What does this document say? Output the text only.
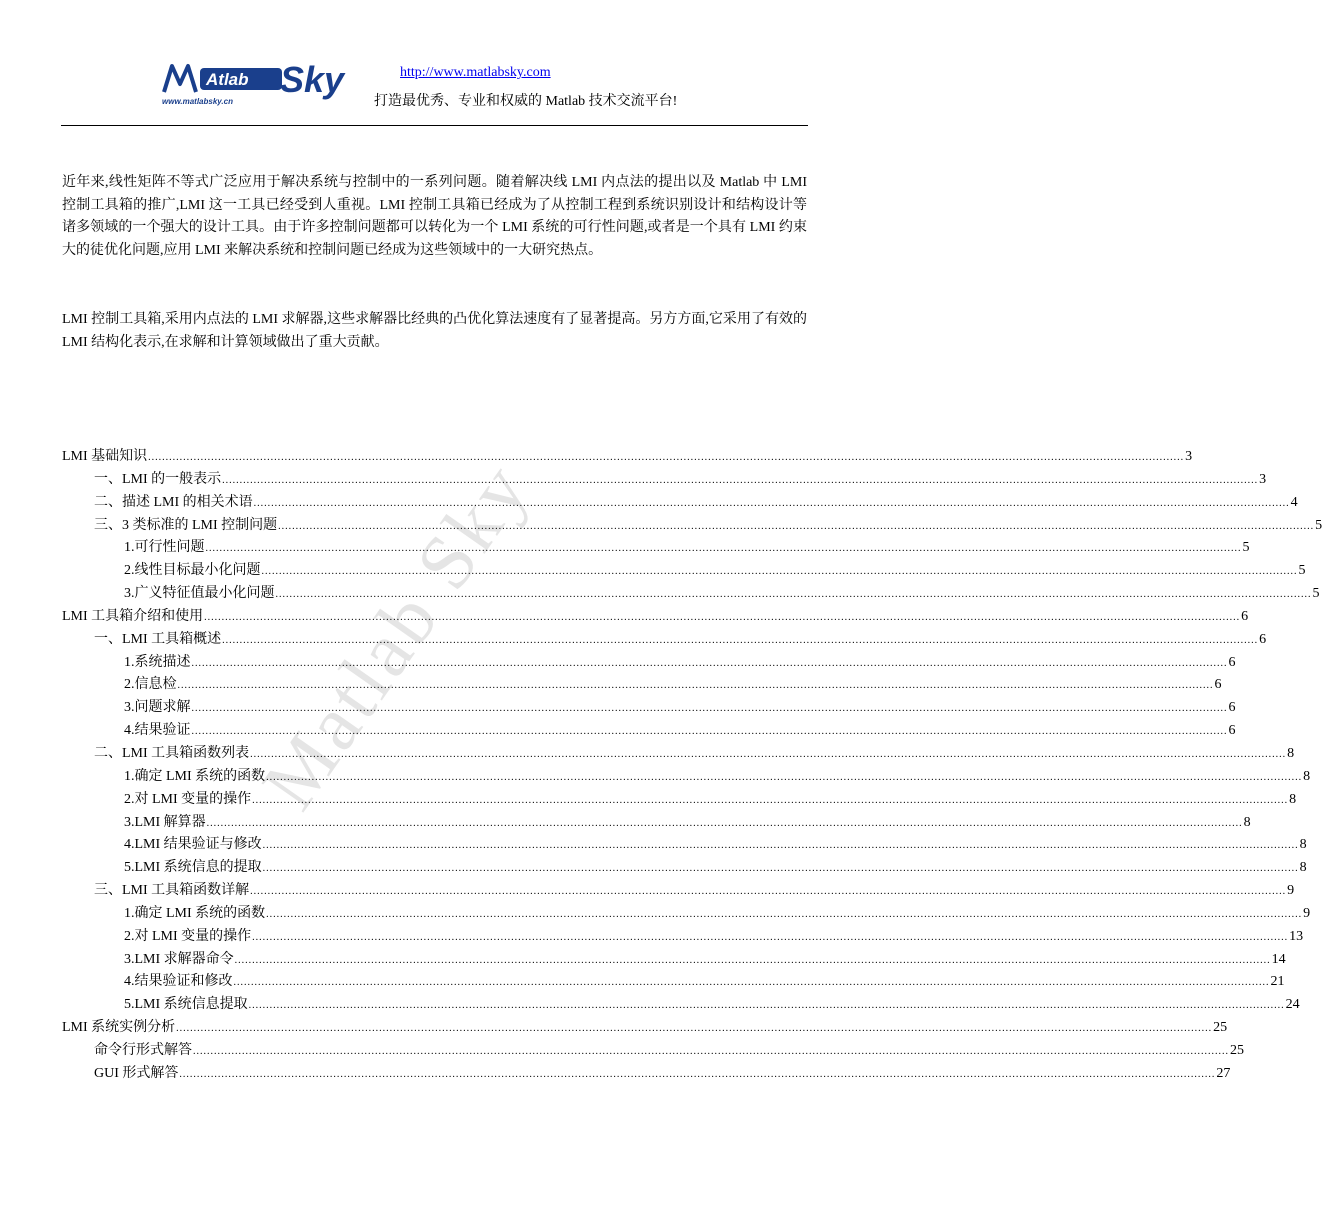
Atlab Sky
www.matlabsky.cn
http://www.matlabsky.com
打造最优秀、专业和权威的 Matlab 技术交流平台!

近年来,线性矩阵不等式广泛应用于解决系统与控制中的一系列问题。随着解决线 LMI 内点法的提出以及 Matlab 中 LMI 控制工具箱的推广,LMI 这一工具已经受到人重视。LMI 控制工具箱已经成为了从控制工程到系统识别设计和结构设计等诸多领域的一个强大的设计工具。由于许多控制问题都可以转化为一个 LMI 系统的可行性问题,或者是一个具有 LMI 约束大的徒优化问题,应用 LMI 来解决系统和控制问题已经成为这些领域中的一大研究热点。

LMI 控制工具箱,采用内点法的 LMI 求解器,这些求解器比经典的凸优化算法速度有了显著提高。另方方面,它采用了有效的 LMI 结构化表示,在求解和计算领域做出了重大贡献。

Matlab Sky
LMI 基础知识 .....	3
一、LMI 的一般表示 .....	3
二、描述 LMI 的相关术语 .....	4
三、3 类标准的 LMI 控制问题 .....	5
1.可行性问题 .....	5
2.线性目标最小化问题 .....	5
3.广义特征值最小化问题 .....	5
LMI 工具箱介绍和使用 .....	6
一、LMI 工具箱概述 .....	6
1.系统描述 .....	6
2.信息检 .....	6
3.问题求解 .....	6
4.结果验证 .....	6
二、LMI 工具箱函数列表 .....	8
1.确定 LMI 系统的函数 .....	8
2.对 LMI 变量的操作 .....	8
3.LMI 解算器 .....	8
4.LMI 结果验证与修改 .....	8
5.LMI 系统信息的提取 .....	8
三、LMI 工具箱函数详解 .....	9
1.确定 LMI 系统的函数 .....	9
2.对 LMI 变量的操作 .....	13
3.LMI 求解器命令 .....	14
4.结果验证和修改 .....	21
5.LMI 系统信息提取 .....	24
LMI 系统实例分析 .....	25
命令行形式解答 .....	25
GUI 形式解答 .....	27
